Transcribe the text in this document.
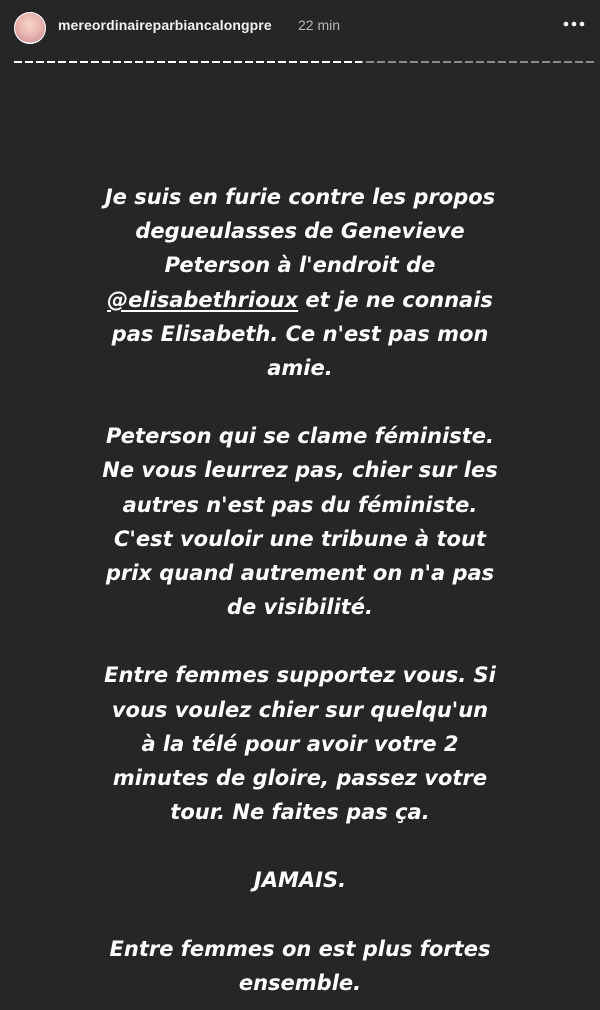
mereordinaireparbiancalongpre 22 min

Je suis en furie contre les propos
degueulasses de Genevieve
Peterson à l'endroit de
@elisabethrioux et je ne connais
pas Elisabeth. Ce n'est pas mon
amie.

Peterson qui se clame féministe.
Ne vous leurrez pas, chier sur les
autres n'est pas du féministe.
C'est vouloir une tribune à tout
prix quand autrement on n'a pas
de visibilité.

Entre femmes supportez vous. Si
vous voulez chier sur quelqu'un
à la télé pour avoir votre 2
minutes de gloire, passez votre
tour. Ne faites pas ça.

JAMAIS.

Entre femmes on est plus fortes
ensemble.
